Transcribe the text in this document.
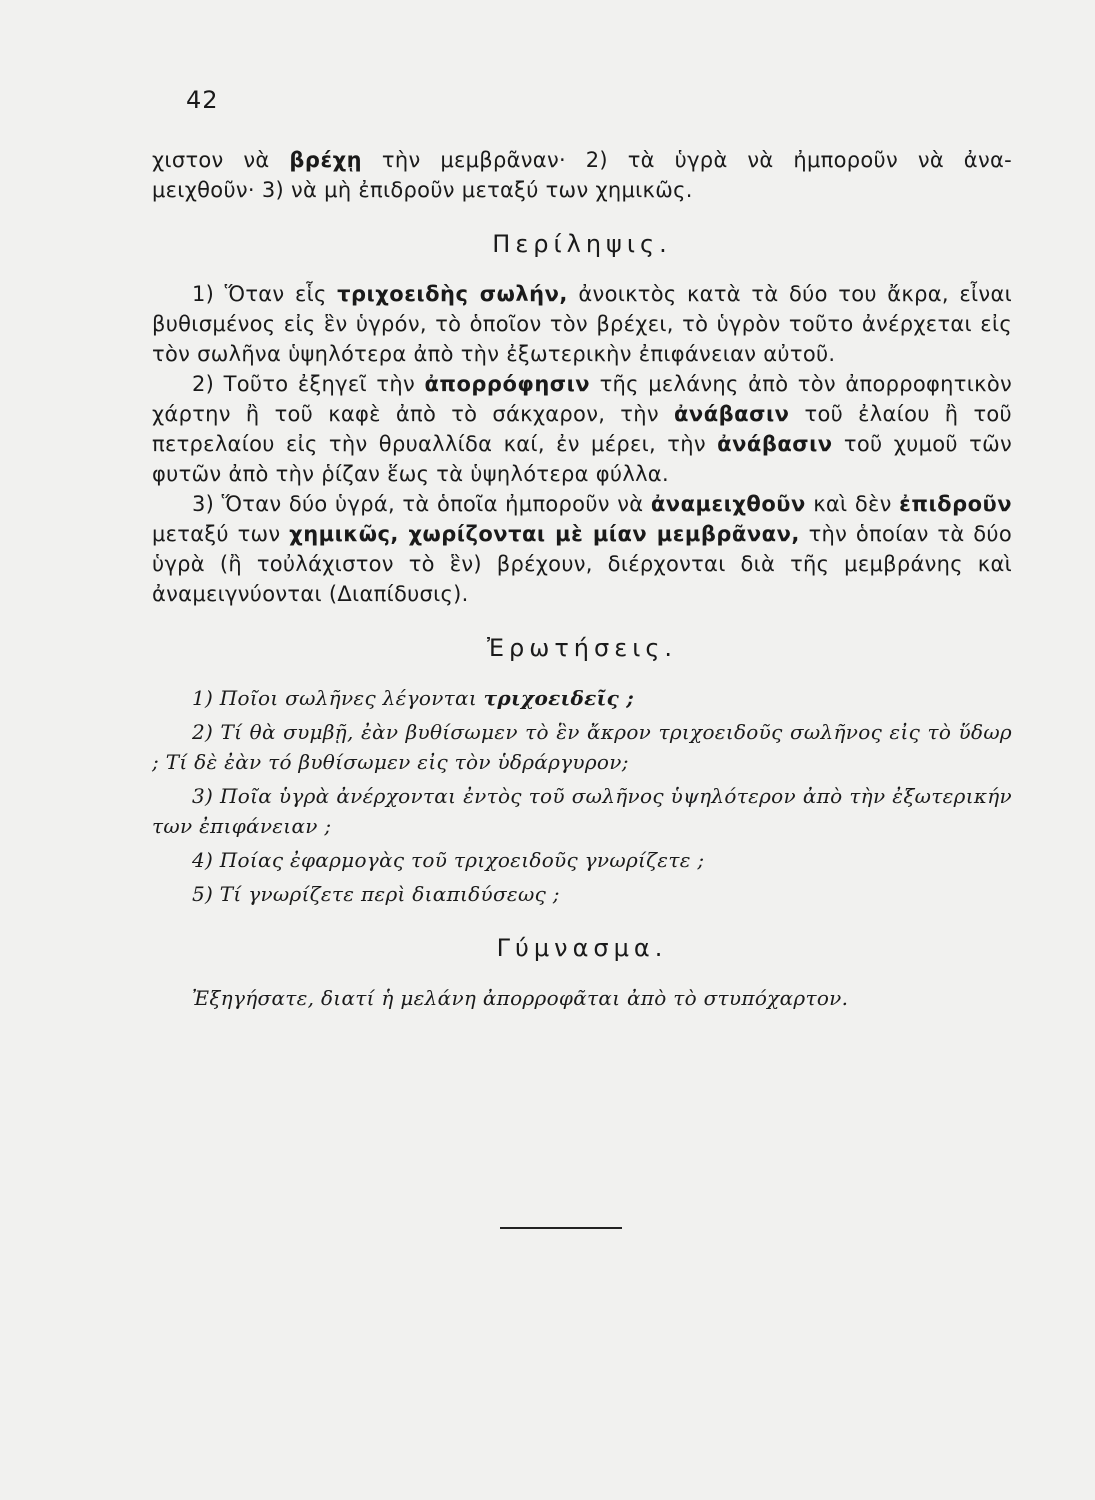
42

χιστον νὰ βρέχῃ τὴν μεμβρᾶναν· 2) τὰ ὑγρὰ νὰ ἠμποροῦν νὰ ἀνα-

μειχθοῦν· 3) νὰ μὴ ἐπιδροῦν μεταξύ των χημικῶς.

Περίληψις.

1) Ὅταν εἷς τριχοειδὴς σωλήν, ἀνοικτὸς κατὰ τὰ δύο του ἄκρα, εἶναι βυθισμένος εἰς ἓν ὑγρόν, τὸ ὁποῖον τὸν βρέχει, τὸ ὑγρὸν τοῦτο ἀνέρχεται εἰς τὸν σωλῆνα ὑψηλότερα ἀπὸ τὴν ἐξωτερικὴν ἐπιφάνειαν αὐτοῦ.

2) Τοῦτο ἐξηγεῖ τὴν ἀπορρόφησιν τῆς μελάνης ἀπὸ τὸν ἀπορροφητικὸν χάρτην ἢ τοῦ καφὲ ἀπὸ τὸ σάκχαρον, τὴν ἀνάβασιν τοῦ ἐλαίου ἢ τοῦ πετρελαίου εἰς τὴν θρυαλλίδα καί, ἐν μέρει, τὴν ἀνάβασιν τοῦ χυμοῦ τῶν φυτῶν ἀπὸ τὴν ῥίζαν ἕως τὰ ὑψηλότερα φύλλα.

3) Ὅταν δύο ὑγρά, τὰ ὁποῖα ἠμποροῦν νὰ ἀναμειχθοῦν καὶ δὲν ἐπιδροῦν μεταξύ των χημικῶς, χωρίζονται μὲ μίαν μεμβρᾶναν, τὴν ὁποίαν τὰ δύο ὑγρὰ (ἢ τοὐλάχιστον τὸ ἓν) βρέχουν, διέρχονται διὰ τῆς μεμβράνης καὶ ἀναμειγνύονται (Διαπίδυσις).

Ἐρωτήσεις.

1) Ποῖοι σωλῆνες λέγονται τριχοειδεῖς ;

2) Τί θὰ συμβῇ, ἐὰν βυθίσωμεν τὸ ἓν ἄκρον τριχοειδοῦς σωλῆνος εἰς τὸ ὕδωρ ; Τί δὲ ἐὰν τό βυθίσωμεν εἰς τὸν ὑδράργυρον;

3) Ποῖα ὑγρὰ ἀνέρχονται ἐντὸς τοῦ σωλῆνος ὑψηλότερον ἀπὸ τὴν ἐξωτερικήν των ἐπιφάνειαν ;

4) Ποίας ἐφαρμογὰς τοῦ τριχοειδοῦς γνωρίζετε ;

5) Τί γνωρίζετε περὶ διαπιδύσεως ;

Γύμνασμα.

Ἐξηγήσατε, διατί ἡ μελάνη ἀπορροφᾶται ἀπὸ τὸ στυπόχαρτον.
